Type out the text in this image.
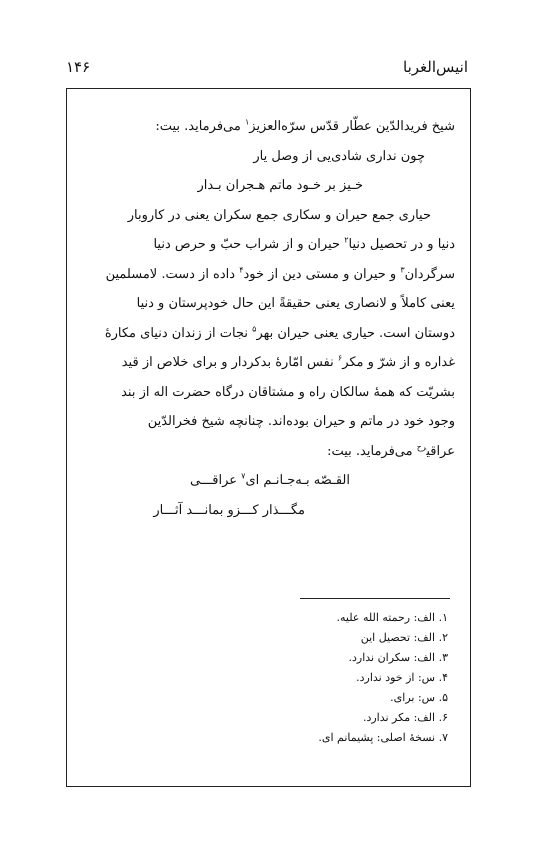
انیس‌الغربا
۱۴۶
شیخ فریدالدّین عطّار قدّس سرّه‌العزیز$^۱$ می‌فرماید. بیت:
چون نداری شادی‌یی از وصل یار
خـیز بر خـود ماتم هـجران بـدار
حیاری جمع حیران و سکاری جمع سکران یعنی در کاروبار
دنیا و در تحصیل دنیا$^۲$ حیران و از شراب حبّ و حرص دنیا
سرگردان$^۳$ و حیران و مستی دین از خود$^۴$ داده از دست. لامسلمین
یعنی کاملاً و لانصاری یعنی حقیقةً این حال خودپرستان و دنیا
دوستان است. حیاری یعنی حیران بهر$^۵$ نجات از زندان دنیای مکارهٔ
غداره و از شرّ و مکر$^۶$ نفس امّارهٔ بدکردار و برای خلاص از قید
بشریّت که همهٔ سالکان راه و مشتاقان درگاه حضرت اله از بند
وجود خود در ماتم و حیران بوده‌اند. چنانچه شیخ فخرالدّین
عراقی$^{رح}$ می‌فرماید. بیت:
القـصّه بـه‌جـانـم ای$^۷$ عراقـــی
مگـــذار کـــزو بمانـــد آثـــار
۱. الف: رحمته الله علیه.
۲. الف: تحصیل این
۳. الف: سکران ندارد.
۴. س: از خود ندارد.
۵. س: برای.
۶. الف: مکر ندارد.
۷. نسخهٔ اصلی: پشیمانم ای.
